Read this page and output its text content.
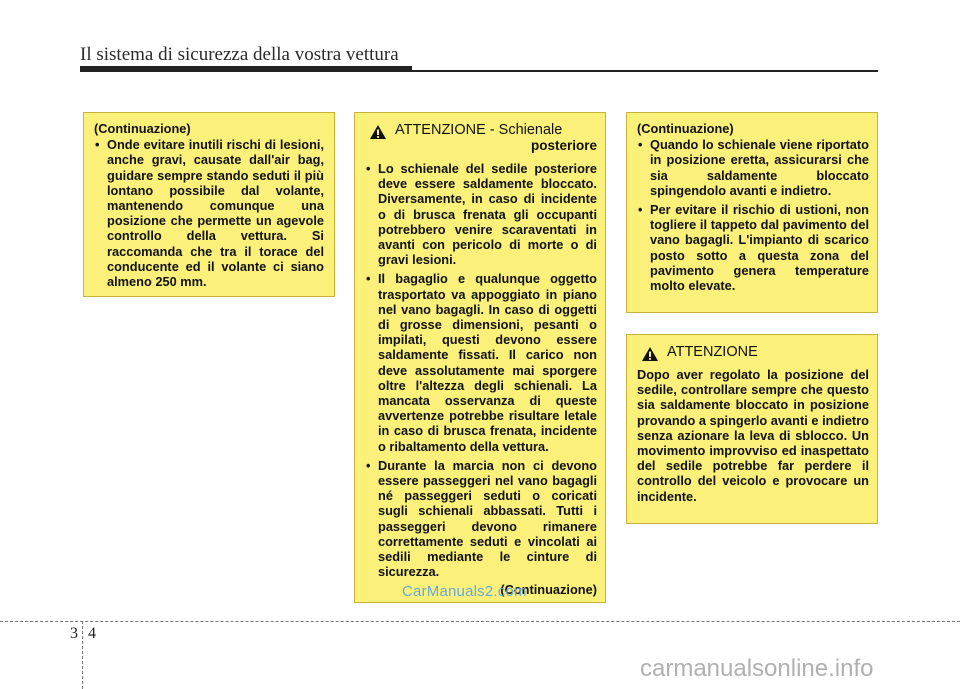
Il sistema di sicurezza della vostra vettura
(Continuazione)
• Onde evitare inutili rischi di lesioni, anche gravi, causate dall'air bag, guidare sempre stando seduti il più lontano possibile dal volante, mantenendo comunque una posizione che permette un agevole controllo della vettura. Si raccomanda che tra il torace del conducente ed il volante ci siano almeno 250 mm.
ATTENZIONE - Schienale
posteriore
• Lo schienale del sedile posteriore deve essere saldamente bloccato. Diversamente, in caso di incidente o di brusca frenata gli occupanti potrebbero venire scaraventati in avanti con pericolo di morte o di gravi lesioni.
• Il bagaglio e qualunque oggetto trasportato va appoggiato in piano nel vano bagagli. In caso di oggetti di grosse dimensioni, pesanti o impilati, questi devono essere saldamente fissati. Il carico non deve assolutamente mai sporgere oltre l'altezza degli schienali. La mancata osservanza di queste avvertenze potrebbe risultare letale in caso di brusca frenata, incidente o ribaltamento della vettura.
• Durante la marcia non ci devono essere passeggeri nel vano bagagli né passeggeri seduti o coricati sugli schienali abbassati. Tutti i passeggeri devono rimanere correttamente seduti e vincolati ai sedili mediante le cinture di sicurezza.
(Continuazione)
(Continuazione)
• Quando lo schienale viene riportato in posizione eretta, assicurarsi che sia saldamente bloccato spingendolo avanti e indietro.
• Per evitare il rischio di ustioni, non togliere il tappeto dal pavimento del vano bagagli. L'impianto di scarico posto sotto a questa zona del pavimento genera temperature molto elevate.
ATTENZIONE
Dopo aver regolato la posizione del sedile, controllare sempre che questo sia saldamente bloccato in posizione provando a spingerlo avanti e indietro senza azionare la leva di sblocco. Un movimento improvviso ed inaspettato del sedile potrebbe far perdere il controllo del veicolo e provocare un incidente.
CarManuals2.com
3 4
carmanualsonline.info
